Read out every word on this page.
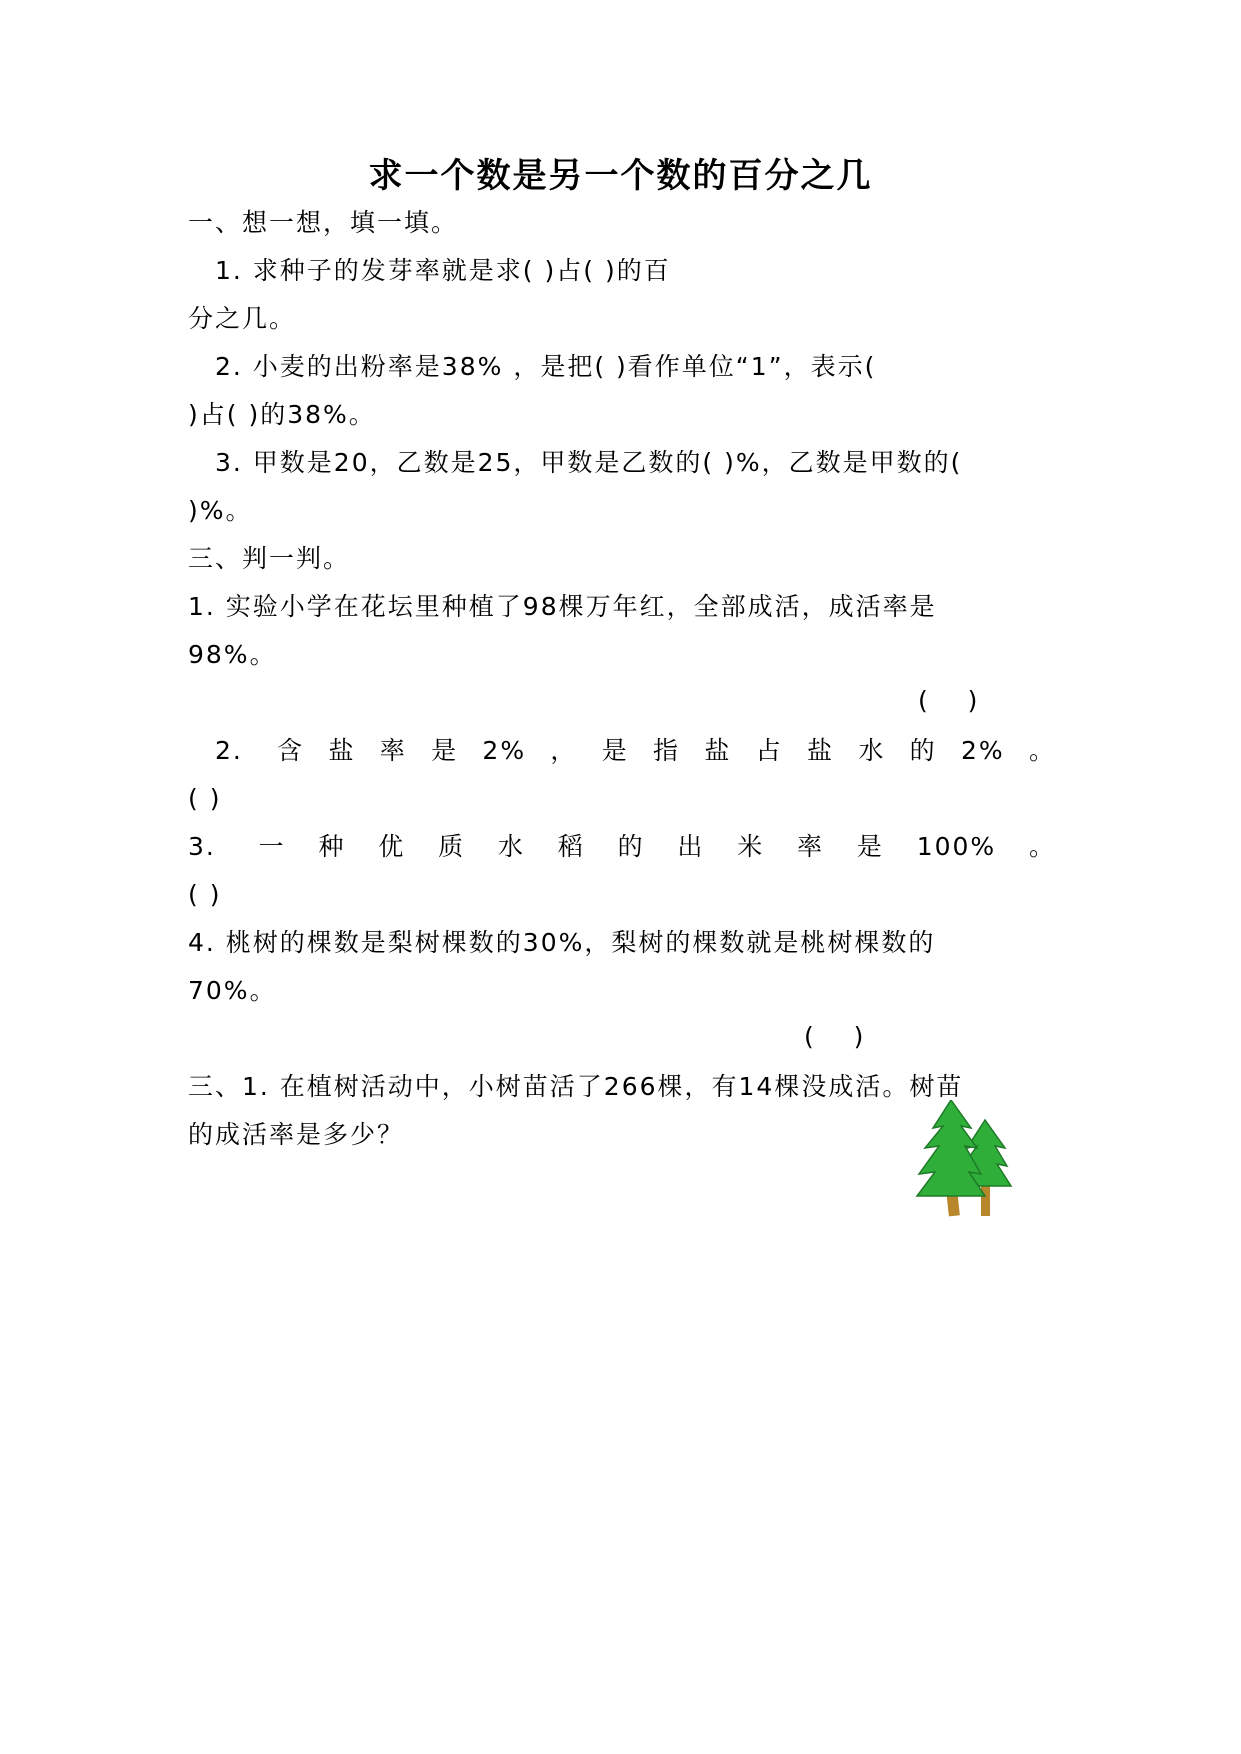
求一个数是另一个数的百分之几
一、想一想，填一填。
1. 求种子的发芽率就是求( )占( )的百
分之几。
2. 小麦的出粉率是38% ，是把( )看作单位“1”，表示(
)占( )的38%。
3. 甲数是20，乙数是25，甲数是乙数的( )%，乙数是甲数的(
)%。
三、判一判。
1. 实验小学在花坛里种植了98棵万年红，全部成活，成活率是
98%。
(  )
2. 含盐率是2%，是指盐占盐水的2%。
( )
3. 一种优质水稻的出米率是100%。
( )
4. 桃树的棵数是梨树棵数的30%，梨树的棵数就是桃树棵数的
70%。
(  )
三、1. 在植树活动中，小树苗活了266棵，有14棵没成活。树苗
的成活率是多少？
